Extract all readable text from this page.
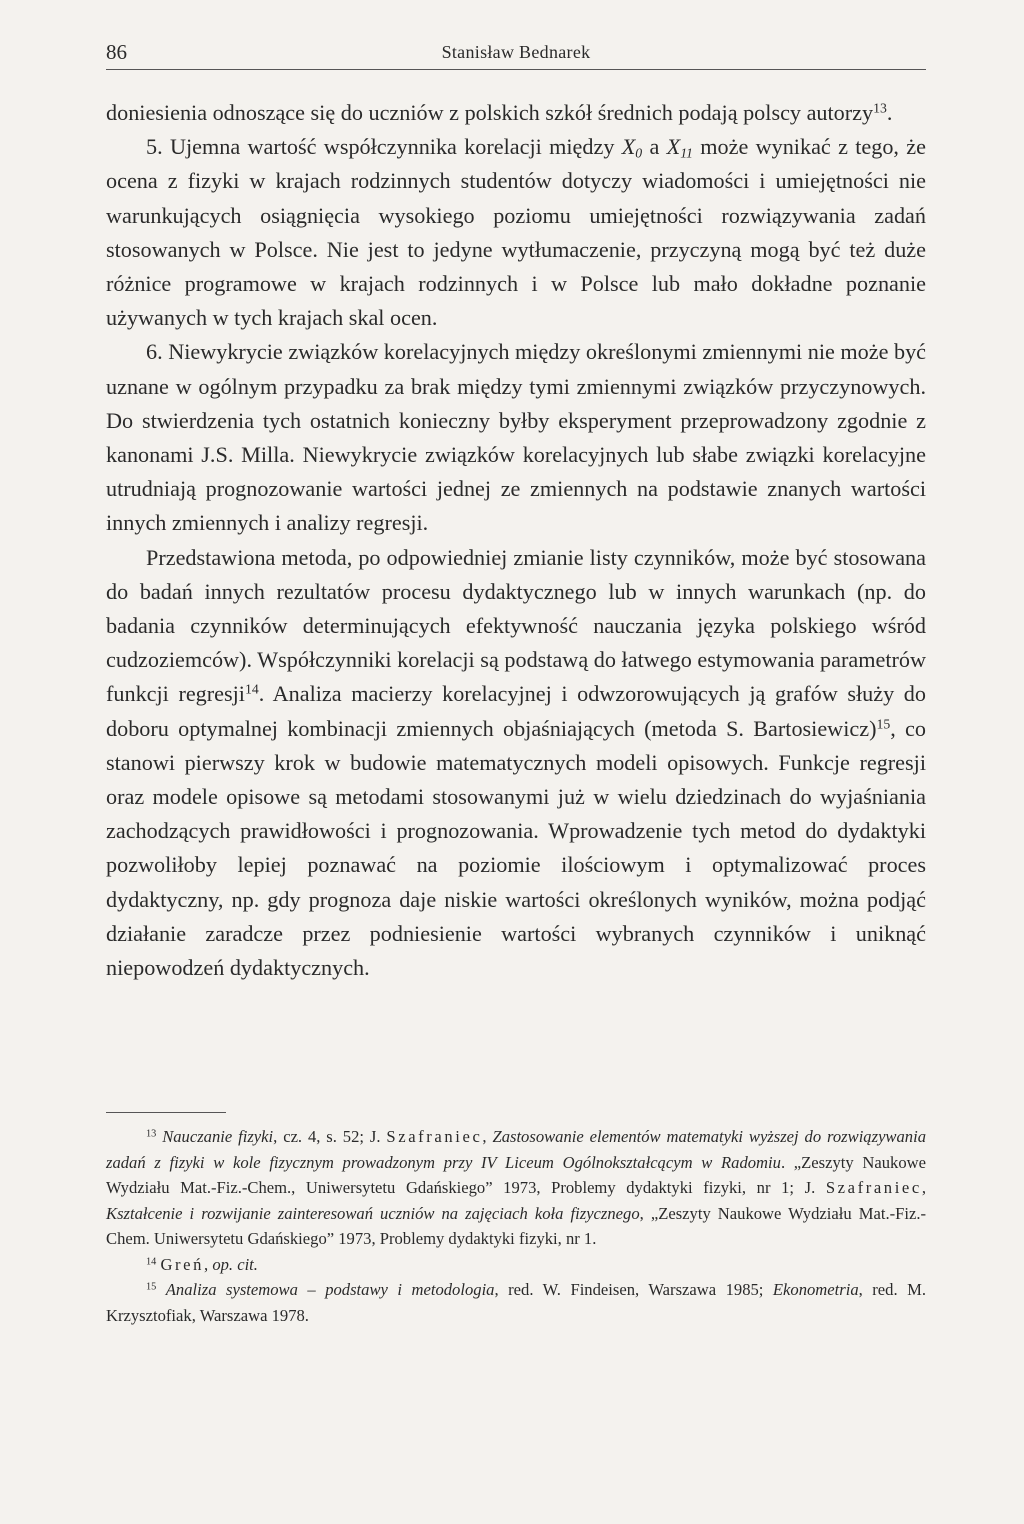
86	Stanisław Bednarek

doniesienia odnoszące się do uczniów z polskich szkół średnich podają polscy autorzy$^{13}$.

5. Ujemna wartość współczynnika korelacji między $X_0$ a $X_{11}$ może wynikać z tego, że ocena z fizyki w krajach rodzinnych studentów dotyczy wiadomości i umiejętności nie warunkujących osiągnięcia wysokiego poziomu umiejętności rozwiązywania zadań stosowanych w Polsce. Nie jest to jedyne wytłumaczenie, przyczyną mogą być też duże różnice programowe w krajach rodzinnych i w Polsce lub mało dokładne poznanie używanych w tych krajach skal ocen.

6. Niewykrycie związków korelacyjnych między określonymi zmiennymi nie może być uznane w ogólnym przypadku za brak między tymi zmiennymi związków przyczynowych. Do stwierdzenia tych ostatnich konieczny byłby eksperyment przeprowadzony zgodnie z kanonami J.S. Milla. Niewykrycie związków korelacyjnych lub słabe związki korelacyjne utrudniają prognozowanie wartości jednej ze zmiennych na podstawie znanych wartości innych zmiennych i analizy regresji.

Przedstawiona metoda, po odpowiedniej zmianie listy czynników, może być stosowana do badań innych rezultatów procesu dydaktycznego lub w innych warunkach (np. do badania czynników determinujących efektywność nauczania języka polskiego wśród cudzoziemców). Współczynniki korelacji są podstawą do łatwego estymowania parametrów funkcji regresji$^{14}$. Analiza macierzy korelacyjnej i odwzorowujących ją grafów służy do doboru optymalnej kombinacji zmiennych objaśniających (metoda S. Bartosiewicz)$^{15}$, co stanowi pierwszy krok w budowie matematycznych modeli opisowych. Funkcje regresji oraz modele opisowe są metodami stosowanymi już w wielu dziedzinach do wyjaśniania zachodzących prawidłowości i prognozowania. Wprowadzenie tych metod do dydaktyki pozwoliłoby lepiej poznawać na poziomie ilościowym i optymalizować proces dydaktyczny, np. gdy prognoza daje niskie wartości określonych wyników, można podjąć działanie zaradcze przez podniesienie wartości wybranych czynników i uniknąć niepowodzeń dydaktycznych.

$^{13}$ Nauczanie fizyki, cz. 4, s. 52; J. Szafraniec, Zastosowanie elementów matematyki wyższej do rozwiązywania zadań z fizyki w kole fizycznym prowadzonym przy IV Liceum Ogólnokształcącym w Radomiu. „Zeszyty Naukowe Wydziału Mat.-Fiz.-Chem., Uniwersytetu Gdańskiego” 1973, Problemy dydaktyki fizyki, nr 1; J. Szafraniec, Kształcenie i rozwijanie zainteresowań uczniów na zajęciach koła fizycznego, „Zeszyty Naukowe Wydziału Mat.-Fiz.-Chem. Uniwersytetu Gdańskiego” 1973, Problemy dydaktyki fizyki, nr 1.

$^{14}$ Greń, op. cit.

$^{15}$ Analiza systemowa – podstawy i metodologia, red. W. Findeisen, Warszawa 1985; Ekonometria, red. M. Krzysztofiak, Warszawa 1978.
